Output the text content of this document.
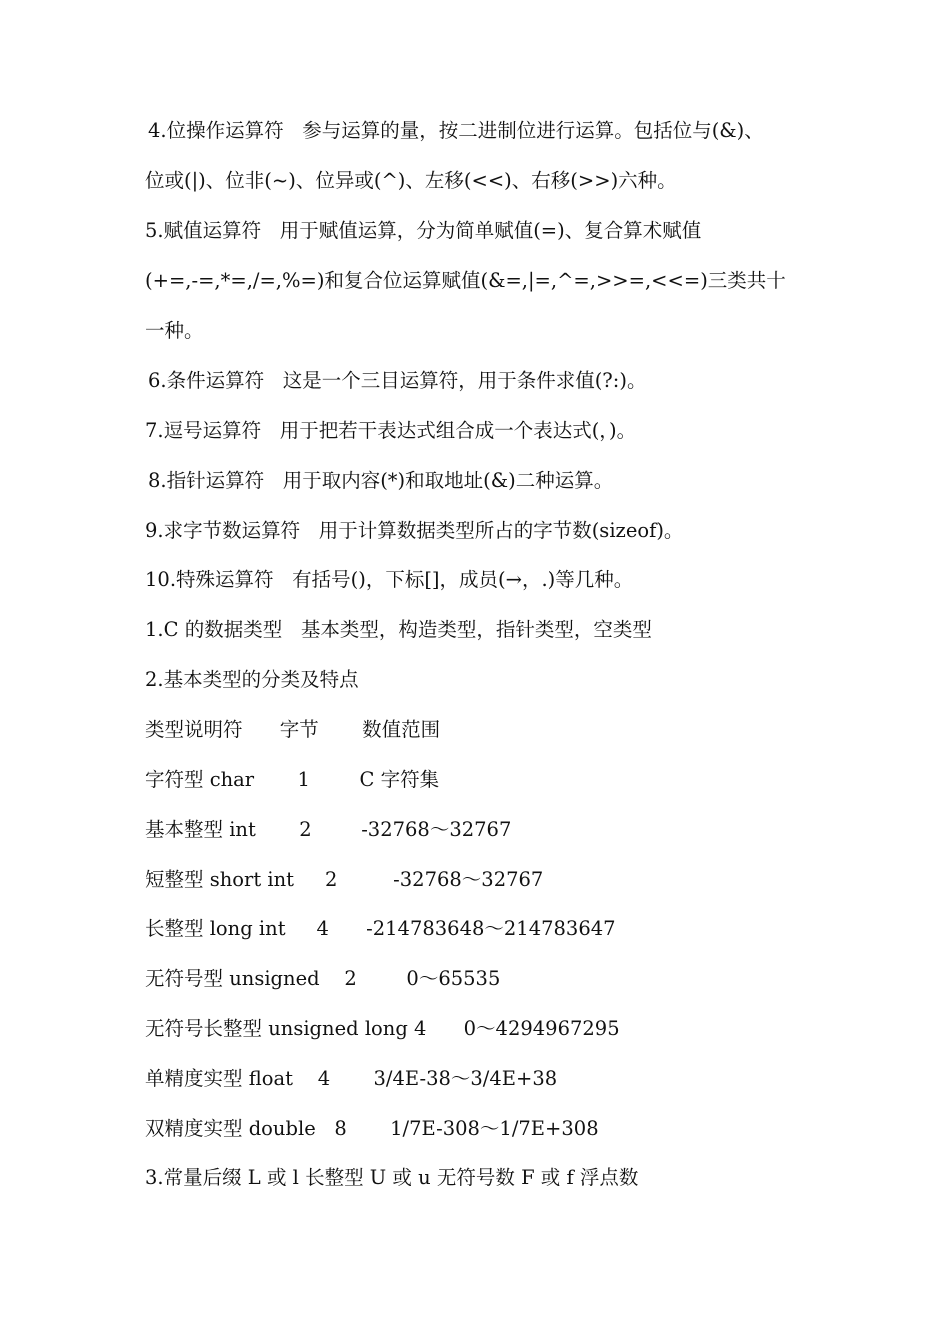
4.位操作运算符   参与运算的量，按二进制位进行运算。包括位与(&)、
位或(|)、位非(~)、位异或(^)、左移(<<)、右移(>>)六种。
5.赋值运算符   用于赋值运算，分为简单赋值(=)、复合算术赋值
(+=,-=,*=,/=,%=)和复合位运算赋值(&=,|=,^=,>>=,<<=)三类共十
一种。
6.条件运算符   这是一个三目运算符，用于条件求值(?:)。
7.逗号运算符   用于把若干表达式组合成一个表达式(，)。
8.指针运算符   用于取内容(*)和取地址(&)二种运算。
9.求字节数运算符   用于计算数据类型所占的字节数(sizeof)。
10.特殊运算符   有括号()，下标[]，成员(→，.)等几种。
1.C 的数据类型   基本类型，构造类型，指针类型，空类型
2.基本类型的分类及特点
类型说明符      字节       数值范围
字符型 char       1        C 字符集
基本整型 int       2        -32768～32767
短整型 short int     2         -32768～32767
长整型 long int     4      -214783648～214783647
无符号型 unsigned    2        0～65535
无符号长整型 unsigned long 4      0～4294967295
单精度实型 float    4       3/4E-38～3/4E+38
双精度实型 double   8       1/7E-308～1/7E+308
3.常量后缀 L 或 l 长整型 U 或 u 无符号数 F 或 f 浮点数
